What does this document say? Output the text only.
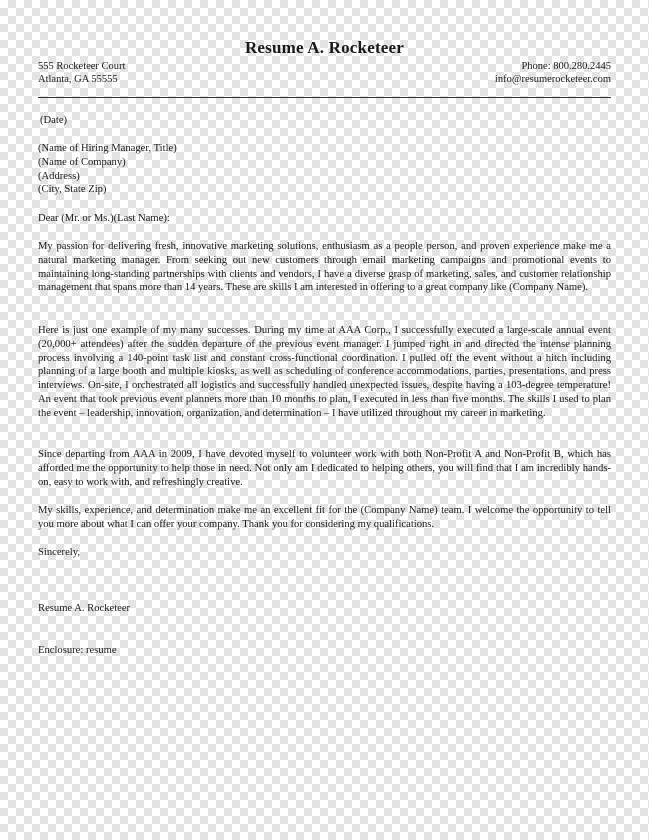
Resume A. Rocketeer
555 Rocketeer Court
Atlanta, GA 55555
Phone: 800.280.2445
info@resumerocketeer.com
(Date)
(Name of Hiring Manager, Title)
(Name of Company)
(Address)
(City, State Zip)
Dear (Mr. or Ms.)(Last Name):
My passion for delivering fresh, innovative marketing solutions, enthusiasm as a people person, and proven experience make me a natural marketing manager. From seeking out new customers through email marketing campaigns and promotional events to maintaining long-standing partnerships with clients and vendors, I have a diverse grasp of marketing, sales, and customer relationship management that spans more than 14 years. These are skills I am interested in offering to a great company like (Company Name).
Here is just one example of my many successes. During my time at AAA Corp., I successfully executed a large-scale annual event (20,000+ attendees) after the sudden departure of the previous event manager. I jumped right in and directed the intense planning process involving a 140-point task list and constant cross-functional coordination. I pulled off the event without a hitch including planning of a large booth and multiple kiosks, as well as scheduling of conference accommodations, parties, presentations, and press interviews. On-site, I orchestrated all logistics and successfully handled unexpected issues, despite having a 103-degree temperature! An event that took previous event planners more than 10 months to plan, I executed in less than five months. The skills I used to plan the event – leadership, innovation, organization, and determination – I have utilized throughout my career in marketing.
Since departing from AAA in 2009, I have devoted myself to volunteer work with both Non-Profit A and Non-Profit B, which has afforded me the opportunity to help those in need. Not only am I dedicated to helping others, you will find that I am incredibly hands-on, easy to work with, and refreshingly creative.
My skills, experience, and determination make me an excellent fit for the (Company Name) team. I welcome the opportunity to tell you more about what I can offer your company. Thank you for considering my qualifications.
Sincerely,
Resume A. Rocketeer
Enclosure: resume
